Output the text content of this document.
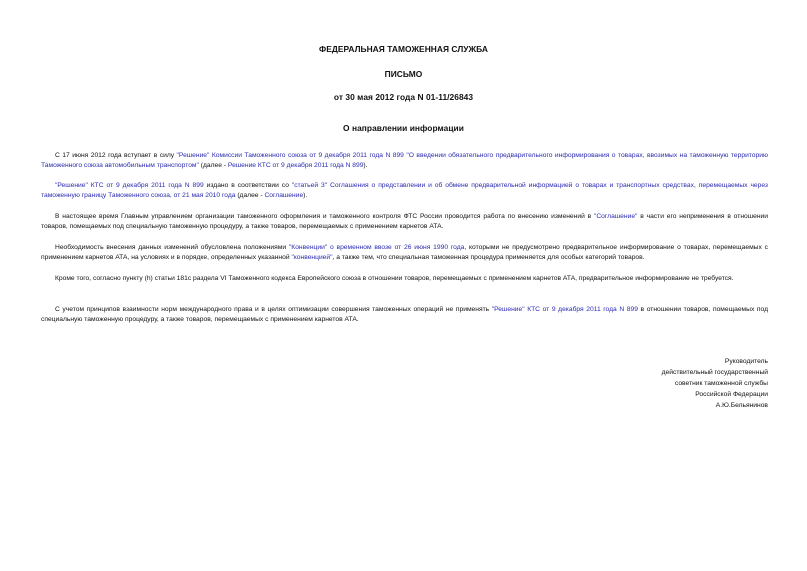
ФЕДЕРАЛЬНАЯ ТАМОЖЕННАЯ СЛУЖБА
ПИСЬМО
от 30 мая 2012 года N 01-11/26843
О направлении информации

С 17 июня 2012 года вступает в силу "Решение" Комиссии Таможенного союза от 9 декабря 2011 года N 899 "О введении обязательного предварительного информирования о товарах, ввозимых на таможенную территорию Таможенного союза автомобильным транспортом" (далее - Решение КТС от 9 декабря 2011 года N 899).

"Решение" КТС от 9 декабря 2011 года N 899 издано в соответствии со "статьей 3" Соглашения о представлении и об обмене предварительной информацией о товарах и транспортных средствах, перемещаемых через таможенную границу Таможенного союза, от 21 мая 2010 года (далее - Соглашение).

В настоящее время Главным управлением организации таможенного оформления и таможенного контроля ФТС России проводится работа по внесению изменений в "Соглашение" в части его неприменения в отношении товаров, помещаемых под специальную таможенную процедуру, а также товаров, перемещаемых с применением карнетов АТА.

Необходимость внесения данных изменений обусловлена положениями "Конвенции" о временном ввозе от 26 июня 1990 года, которыми не предусмотрено предварительное информирование о товарах, перемещаемых с применением карнетов АТА, на условиях и в порядке, определенных указанной "конвенцией", а также тем, что специальная таможенная процедура применяется для особых категорий товаров.

Кроме того, согласно пункту (h) статьи 181с раздела VI Таможенного кодекса Европейского союза в отношении товаров, перемещаемых с применением карнетов АТА, предварительное информирование не требуется.

С учетом принципов взаимности норм международного права и в целях оптимизации совершения таможенных операций не применять "Решение" КТС от 9 декабря 2011 года N 899 в отношении товаров, помещаемых под специальную таможенную процедуру, а также товаров, перемещаемых с применением карнетов АТА.

Руководитель
действительный государственный
советник таможенной службы
Российской Федерации
А.Ю.Бельянинов
